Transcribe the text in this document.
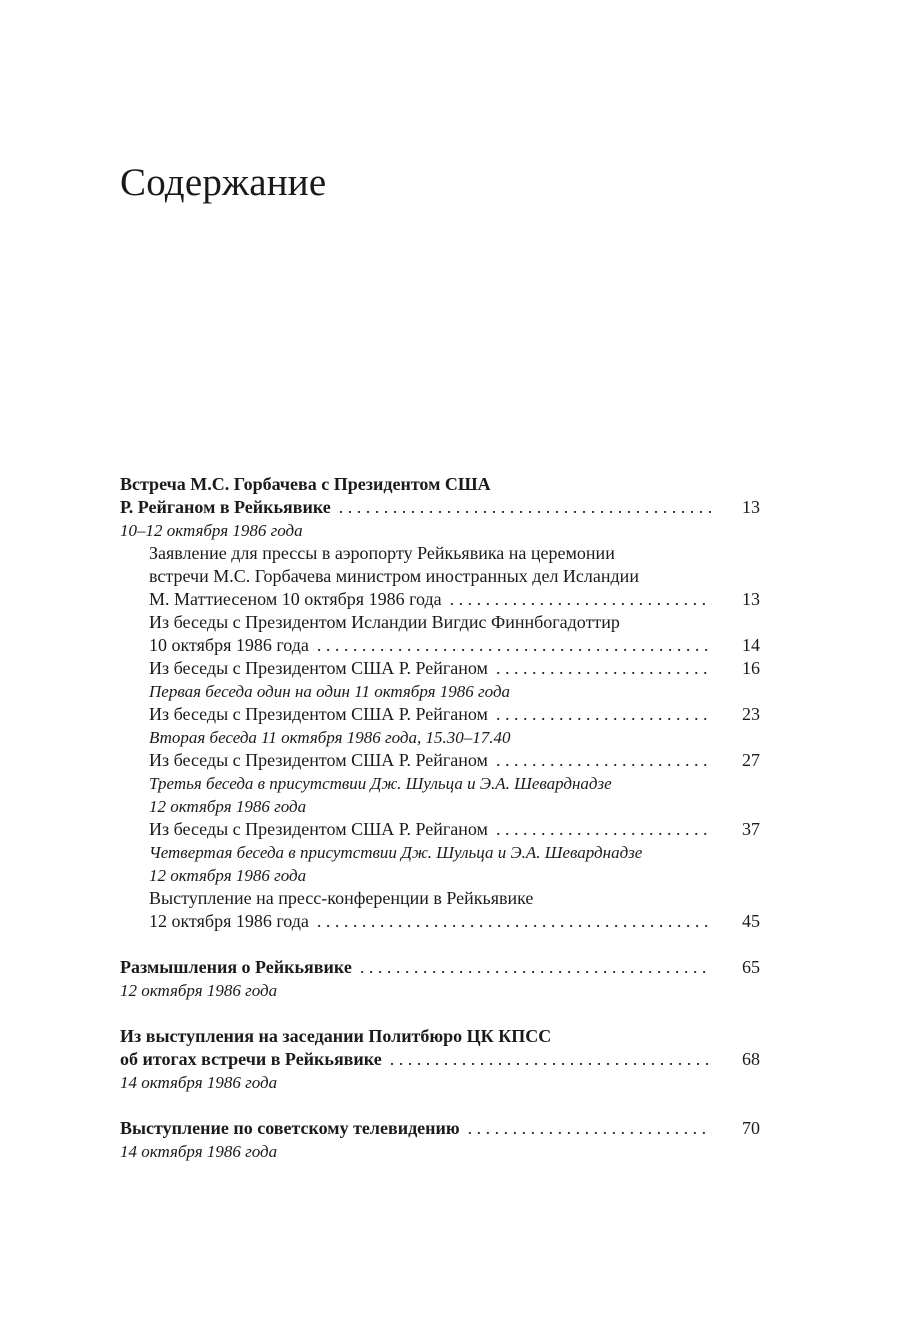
Содержание
Встреча М.С. Горбачева с Президентом США
Р. Рейганом в Рейкьявике . . .	13
10–12 октября 1986 года
Заявление для прессы в аэропорту Рейкьявика на церемонии
встречи М.С. Горбачева министром иностранных дел Исландии
М. Маттиесеном 10 октября 1986 года . . .	13
Из беседы с Президентом Исландии Вигдис Финнбогадоттир
10 октября 1986 года . . .	14
Из беседы с Президентом США Р. Рейганом . . .	16
Первая беседа один на один 11 октября 1986 года
Из беседы с Президентом США Р. Рейганом . . .	23
Вторая беседа 11 октября 1986 года, 15.30–17.40
Из беседы с Президентом США Р. Рейганом . . .	27
Третья беседа в присутствии Дж. Шульца и Э.А. Шеварднадзе
12 октября 1986 года
Из беседы с Президентом США Р. Рейганом . . .	37
Четвертая беседа в присутствии Дж. Шульца и Э.А. Шеварднадзе
12 октября 1986 года
Выступление на пресс-конференции в Рейкьявике
12 октября 1986 года . . .	45
Размышления о Рейкьявике . . .	65
12 октября 1986 года
Из выступления на заседании Политбюро ЦК КПСС
об итогах встречи в Рейкьявике . . .	68
14 октября 1986 года
Выступление по советскому телевидению . . .	70
14 октября 1986 года
